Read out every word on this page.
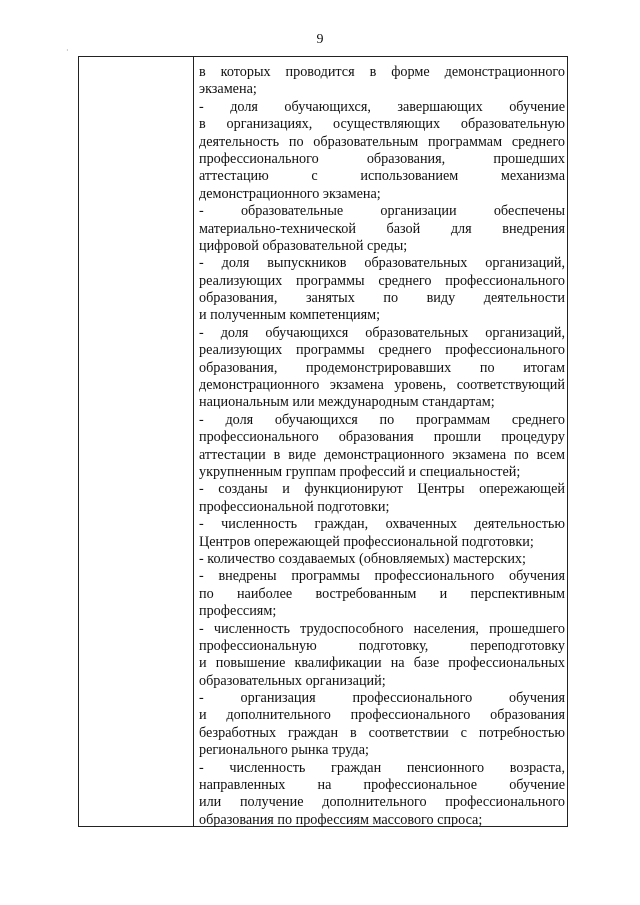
9
·
в которых проводится в форме демонстрационного
экзамена;
- доля обучающихся, завершающих обучение
в организациях, осуществляющих образовательную
деятельность по образовательным программам среднего
профессионального образования, прошедших
аттестацию с использованием механизма
демонстрационного экзамена;
- образовательные организации обеспечены
материально-технической базой для внедрения
цифровой образовательной среды;
- доля выпускников образовательных организаций,
реализующих программы среднего профессионального
образования, занятых по виду деятельности
и полученным компетенциям;
- доля обучающихся образовательных организаций,
реализующих программы среднего профессионального
образования, продемонстрировавших по итогам
демонстрационного экзамена уровень, соответствующий
национальным или международным стандартам;
- доля обучающихся по программам среднего
профессионального образования прошли процедуру
аттестации в виде демонстрационного экзамена по всем
укрупненным группам профессий и специальностей;
- созданы и функционируют Центры опережающей
профессиональной подготовки;
- численность граждан, охваченных деятельностью
Центров опережающей профессиональной подготовки;
- количество создаваемых (обновляемых) мастерских;
- внедрены программы профессионального обучения
по наиболее востребованным и перспективным
профессиям;
- численность трудоспособного населения, прошедшего
профессиональную подготовку, переподготовку
и повышение квалификации на базе профессиональных
образовательных организаций;
- организация профессионального обучения
и дополнительного профессионального образования
безработных граждан в соответствии с потребностью
регионального рынка труда;
- численность граждан пенсионного возраста,
направленных на профессиональное обучение
или получение дополнительного профессионального
образования по профессиям массового спроса;
